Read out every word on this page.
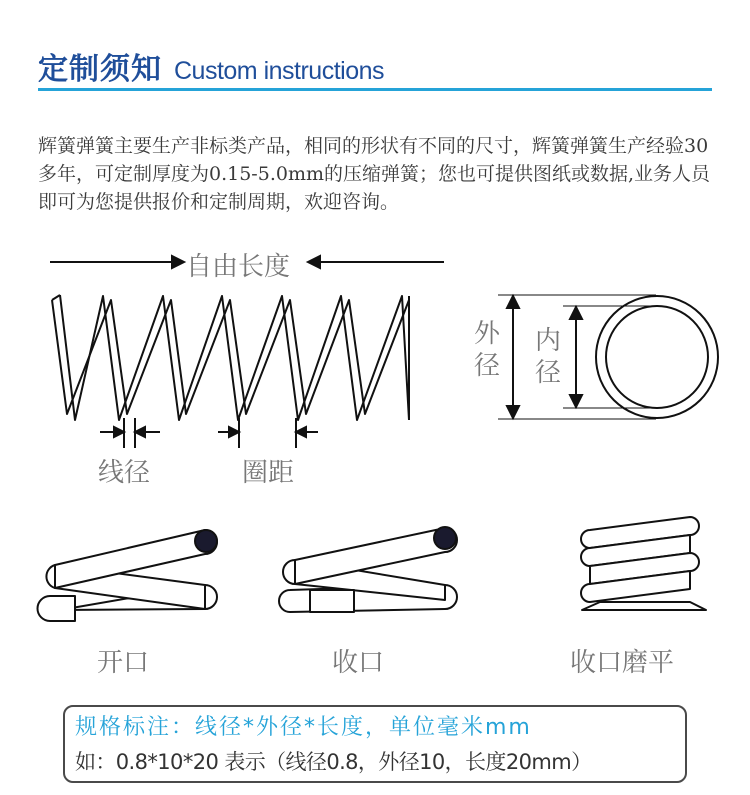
定制须知 Custom instructions
辉簧弹簧主要生产非标类产品，相同的形状有不同的尺寸，辉簧弹簧生产经验30多年，可定制厚度为0.15-5.0mm的压缩弹簧；您也可提供图纸或数据,业务人员即可为您提供报价和定制周期，欢迎咨询。
自由长度
线径	圈距
外径
内径
开口	收口	收口磨平
规格标注：线径*外径*长度，单位毫米mm
如：0.8*10*20 表示（线径0.8，外径10，长度20mm）
